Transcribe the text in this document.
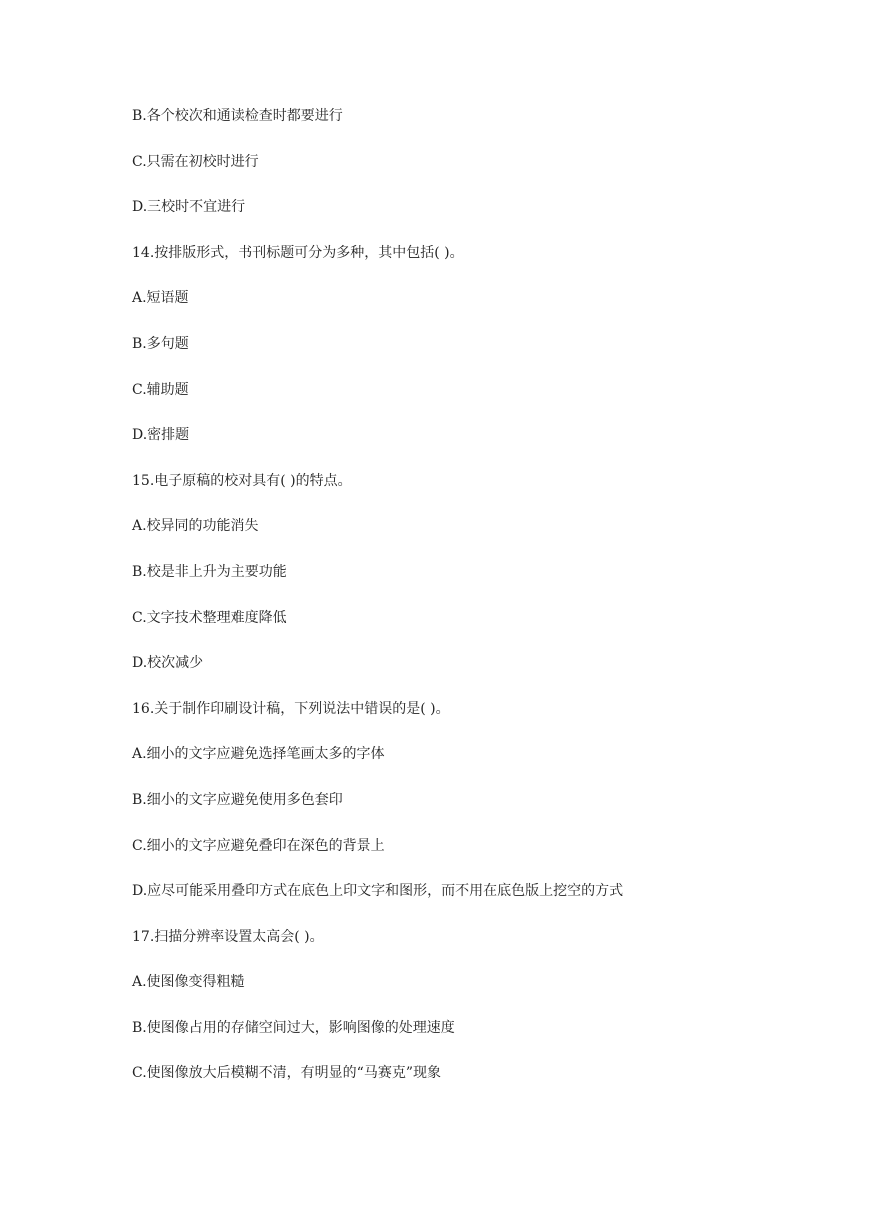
B.各个校次和通读检查时都要进行
C.只需在初校时进行
D.三校时不宜进行
14.按排版形式，书刊标题可分为多种，其中包括( )。
A.短语题
B.多句题
C.辅助题
D.密排题
15.电子原稿的校对具有( )的特点。
A.校异同的功能消失
B.校是非上升为主要功能
C.文字技术整理难度降低
D.校次减少
16.关于制作印刷设计稿，下列说法中错误的是( )。
A.细小的文字应避免选择笔画太多的字体
B.细小的文字应避免使用多色套印
C.细小的文字应避免叠印在深色的背景上
D.应尽可能采用叠印方式在底色上印文字和图形，而不用在底色版上挖空的方式
17.扫描分辨率设置太高会( )。
A.使图像变得粗糙
B.使图像占用的存储空间过大，影响图像的处理速度
C.使图像放大后模糊不清，有明显的“马赛克”现象
